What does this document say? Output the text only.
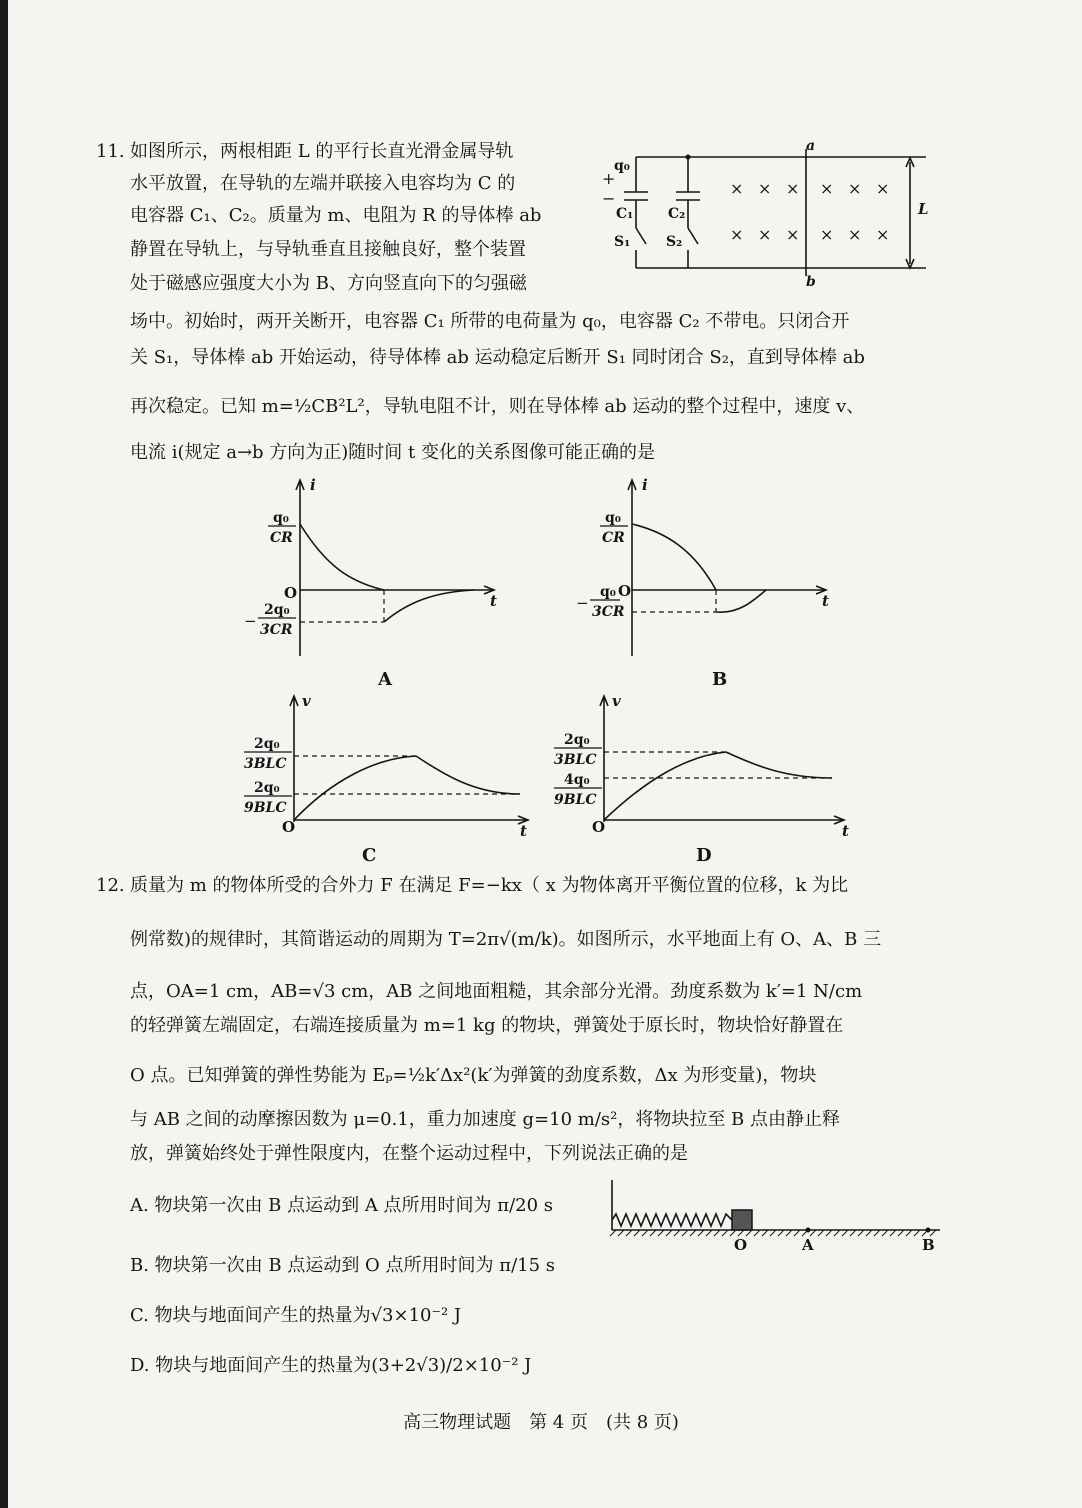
11. 如图所示，两根相距 L 的平行长直光滑金属导轨
水平放置，在导轨的左端并联接入电容均为 C 的
电容器 C₁、C₂。质量为 m、电阻为 R 的导体棒 ab
静置在导轨上，与导轨垂直且接触良好，整个装置
处于磁感应强度大小为 B、方向竖直向下的匀强磁
场中。初始时，两开关断开，电容器 C₁ 所带的电荷量为 q₀，电容器 C₂ 不带电。只闭合开
关 S₁，导体棒 ab 开始运动，待导体棒 ab 运动稳定后断开 S₁ 同时闭合 S₂，直到导体棒 ab
再次稳定。已知 m=½CB²L²，导轨电阻不计，则在导体棒 ab 运动的整个过程中，速度 v、
电流 i(规定 a→b 方向为正)随时间 t 变化的关系图像可能正确的是
q₀
+
−
C₁ C₂
S₁	S₂
a
b
L
× × × × × ×
× × × × × ×
i
t
O
q₀
CR
−
2q₀
3CR
A
i
t
O
q₀
CR
−
q₀
3CR
B
v
t
O
2q₀
3BLC
2q₀
9BLC
C
v
t
O
2q₀
3BLC
4q₀
9BLC
D
12. 质量为 m 的物体所受的合外力 F 在满足 F=−kx（ x 为物体离开平衡位置的位移，k 为比
例常数)的规律时，其简谐运动的周期为 T=2π√(m/k)。如图所示，水平地面上有 O、A、B 三
点，OA=1 cm，AB=√3 cm，AB 之间地面粗糙，其余部分光滑。劲度系数为 k′=1 N/cm
的轻弹簧左端固定，右端连接质量为 m=1 kg 的物块，弹簧处于原长时，物块恰好静置在
O 点。已知弹簧的弹性势能为 Eₚ=½k′Δx²(k′为弹簧的劲度系数，Δx 为形变量)，物块
与 AB 之间的动摩擦因数为 μ=0.1，重力加速度 g=10 m/s²，将物块拉至 B 点由静止释
放，弹簧始终处于弹性限度内，在整个运动过程中，下列说法正确的是
A. 物块第一次由 B 点运动到 A 点所用时间为 π/20 s
B. 物块第一次由 B 点运动到 O 点所用时间为 π/15 s
C. 物块与地面间产生的热量为√3×10⁻² J
D. 物块与地面间产生的热量为(3+2√3)/2×10⁻² J
O	A	B
高三物理试题　第 4 页　(共 8 页)
